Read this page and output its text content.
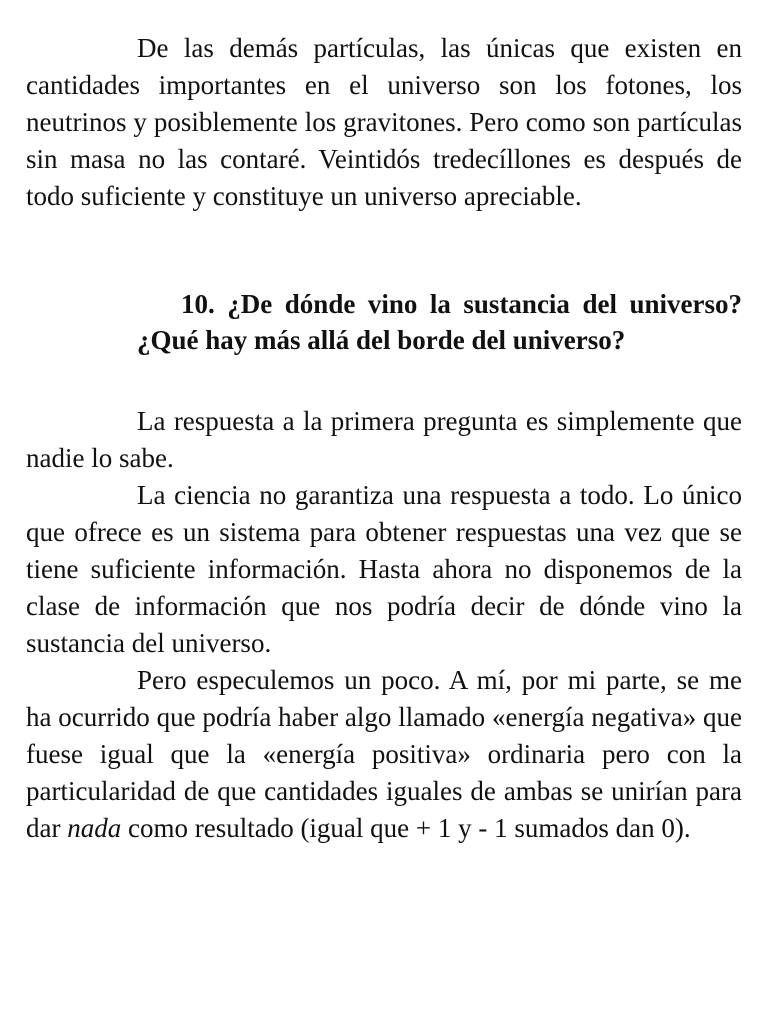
De las demás partículas, las únicas que existen en cantidades importantes en el universo son los fotones, los neutrinos y posiblemente los gravitones. Pero como son partículas sin masa no las contaré. Veintidós tredecíllones es después de todo suficiente y constituye un universo apreciable.

10. ¿De dónde vino la sustancia del universo? ¿Qué hay más allá del borde del universo?

La respuesta a la primera pregunta es simplemente que nadie lo sabe.

La ciencia no garantiza una respuesta a todo. Lo único que ofrece es un sistema para obtener respuestas una vez que se tiene suficiente información. Hasta ahora no disponemos de la clase de información que nos podría decir de dónde vino la sustancia del universo.

Pero especulemos un poco. A mí, por mi parte, se me ha ocurrido que podría haber algo llamado «energía negativa» que fuese igual que la «energía positiva» ordinaria pero con la particularidad de que cantidades iguales de ambas se unirían para dar nada como resultado (igual que + 1 y - 1 sumados dan 0).
